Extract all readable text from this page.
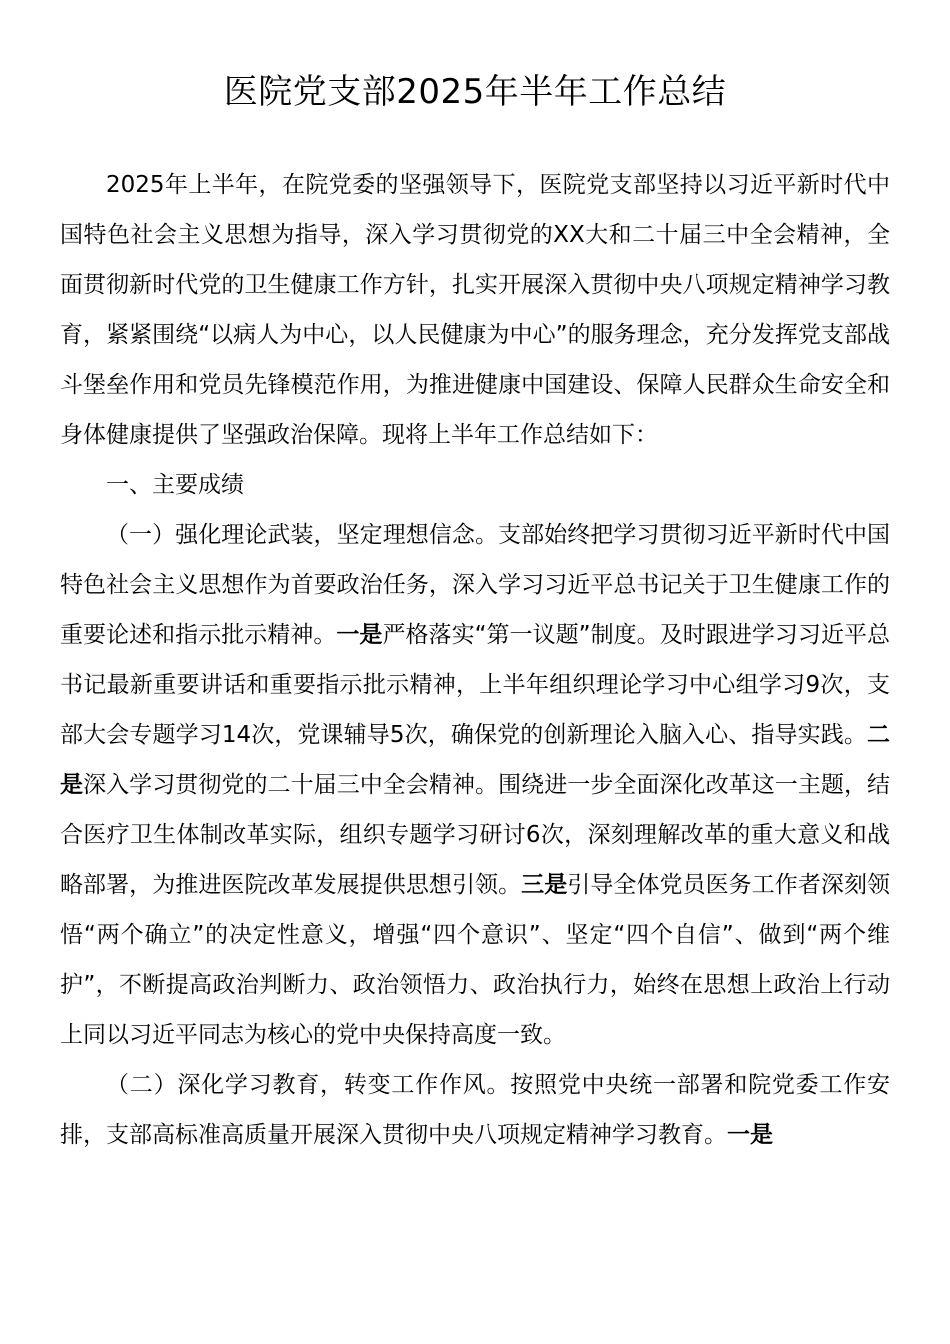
医院党支部2025年半年工作总结

2025年上半年，在院党委的坚强领导下，医院党支部坚持以习近平新时代中国特色社会主义思想为指导，深入学习贯彻党的XX大和二十届三中全会精神，全面贯彻新时代党的卫生健康工作方针，扎实开展深入贯彻中央八项规定精神学习教育，紧紧围绕“以病人为中心，以人民健康为中心”的服务理念，充分发挥党支部战斗堡垒作用和党员先锋模范作用，为推进健康中国建设、保障人民群众生命安全和身体健康提供了坚强政治保障。现将上半年工作总结如下：

一、主要成绩

（一）强化理论武装，坚定理想信念。支部始终把学习贯彻习近平新时代中国特色社会主义思想作为首要政治任务，深入学习习近平总书记关于卫生健康工作的重要论述和指示批示精神。一是严格落实“第一议题”制度。及时跟进学习习近平总书记最新重要讲话和重要指示批示精神，上半年组织理论学习中心组学习9次，支部大会专题学习14次，党课辅导5次，确保党的创新理论入脑入心、指导实践。二是深入学习贯彻党的二十届三中全会精神。围绕进一步全面深化改革这一主题，结合医疗卫生体制改革实际，组织专题学习研讨6次，深刻理解改革的重大意义和战略部署，为推进医院改革发展提供思想引领。三是引导全体党员医务工作者深刻领悟“两个确立”的决定性意义，增强“四个意识”、坚定“四个自信”、做到“两个维护”，不断提高政治判断力、政治领悟力、政治执行力，始终在思想上政治上行动上同以习近平同志为核心的党中央保持高度一致。

（二）深化学习教育，转变工作作风。按照党中央统一部署和院党委工作安排，支部高标准高质量开展深入贯彻中央八项规定精神学习教育。一是
